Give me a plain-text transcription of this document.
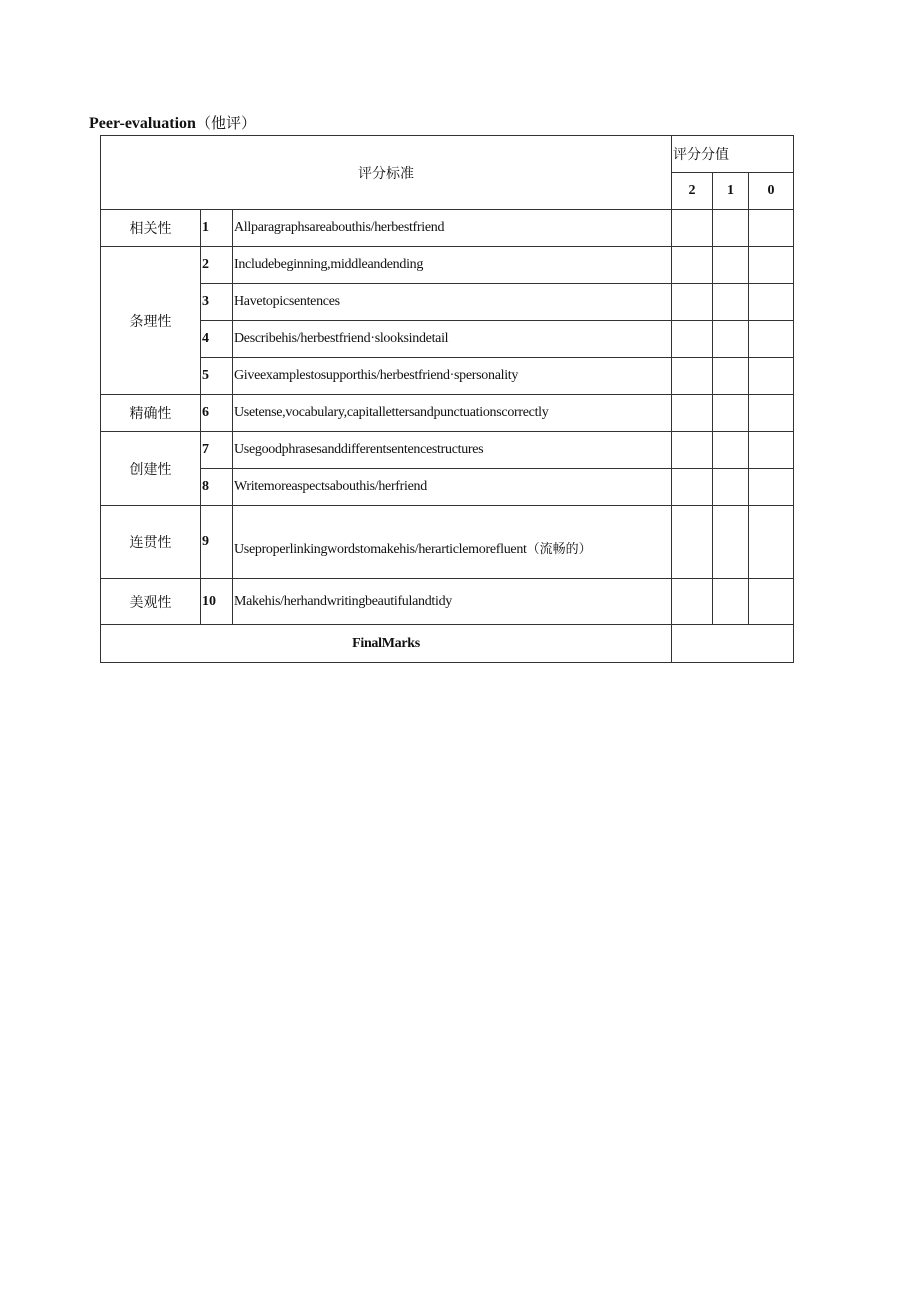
Peer-evaluation（他评）
评分标准			评分分值		
			2	1	0
相关性	1	Allparagraphsareabouthis/herbestfriend			
条理性	2	Includebeginning,middleandending			
	3	Havetopicsentences			
	4	Describehis/herbestfriend·slooksindetail			
	5	Giveexamplestosupporthis/herbestfriend·spersonality			
精确性	6	Usetense,vocabulary,capitallettersandpunctuationscorrectly			
创建性	7	Usegoodphrasesanddifferentsentencestructures			
	8	Writemoreaspectsabouthis/herfriend			
连贯性	9	Useproperlinkingwordstomakehis/herarticlemorefluent（流畅的）			
美观性	10	Makehis/herhandwritingbeautifulandtidy			
FinalMarks					
